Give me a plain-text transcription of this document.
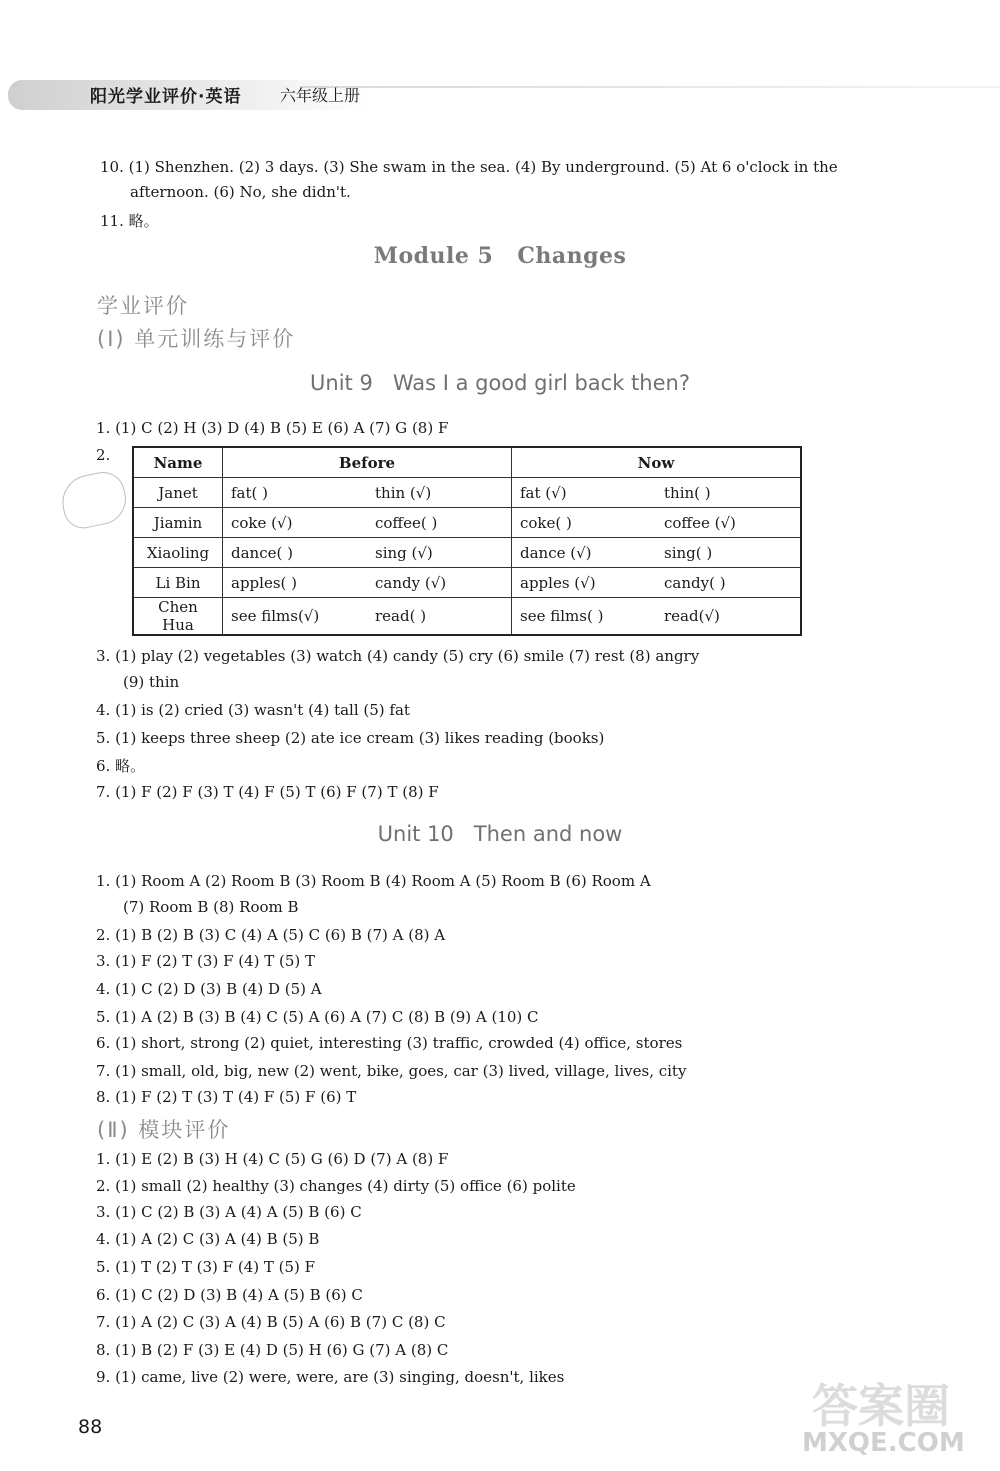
阳光学业评价·英语 六年级上册
10. (1) Shenzhen. (2) 3 days. (3) She swam in the sea. (4) By underground. (5) At 6 o'clock in the
afternoon. (6) No, she didn't.
11. 略。
Module 5 Changes
学业评价
(Ⅰ) 单元训练与评价
Unit 9 Was I a good girl back then?
1. (1) C (2) H (3) D (4) B (5) E (6) A (7) G (8) F
2.	Name	Before		Now	
Janet	fat( )	thin (√)	fat (√)	thin( )
Jiamin	coke (√)	coffee( )	coke( )	coffee (√)
Xiaoling	dance( )	sing (√)	dance (√)	sing( )
Li Bin	apples( )	candy (√)	apples (√)	candy( )
Chen Hua	see films(√)	read( )	see films( )	read(√)
3. (1) play (2) vegetables (3) watch (4) candy (5) cry (6) smile (7) rest (8) angry
(9) thin
4. (1) is (2) cried (3) wasn't (4) tall (5) fat
5. (1) keeps three sheep (2) ate ice cream (3) likes reading (books)
6. 略。
7. (1) F (2) F (3) T (4) F (5) T (6) F (7) T (8) F
Unit 10 Then and now
1. (1) Room A (2) Room B (3) Room B (4) Room A (5) Room B (6) Room A
(7) Room B (8) Room B
2. (1) B (2) B (3) C (4) A (5) C (6) B (7) A (8) A
3. (1) F (2) T (3) F (4) T (5) T
4. (1) C (2) D (3) B (4) D (5) A
5. (1) A (2) B (3) B (4) C (5) A (6) A (7) C (8) B (9) A (10) C
6. (1) short, strong (2) quiet, interesting (3) traffic, crowded (4) office, stores
7. (1) small, old, big, new (2) went, bike, goes, car (3) lived, village, lives, city
8. (1) F (2) T (3) T (4) F (5) F (6) T
(Ⅱ) 模块评价
1. (1) E (2) B (3) H (4) C (5) G (6) D (7) A (8) F
2. (1) small (2) healthy (3) changes (4) dirty (5) office (6) polite
3. (1) C (2) B (3) A (4) A (5) B (6) C
4. (1) A (2) C (3) A (4) B (5) B
5. (1) T (2) T (3) F (4) T (5) F
6. (1) C (2) D (3) B (4) A (5) B (6) C
7. (1) A (2) C (3) A (4) B (5) A (6) B (7) C (8) C
8. (1) B (2) F (3) E (4) D (5) H (6) G (7) A (8) C
9. (1) came, live (2) were, were, are (3) singing, doesn't, likes
88	答案圈
MXQE.COM
